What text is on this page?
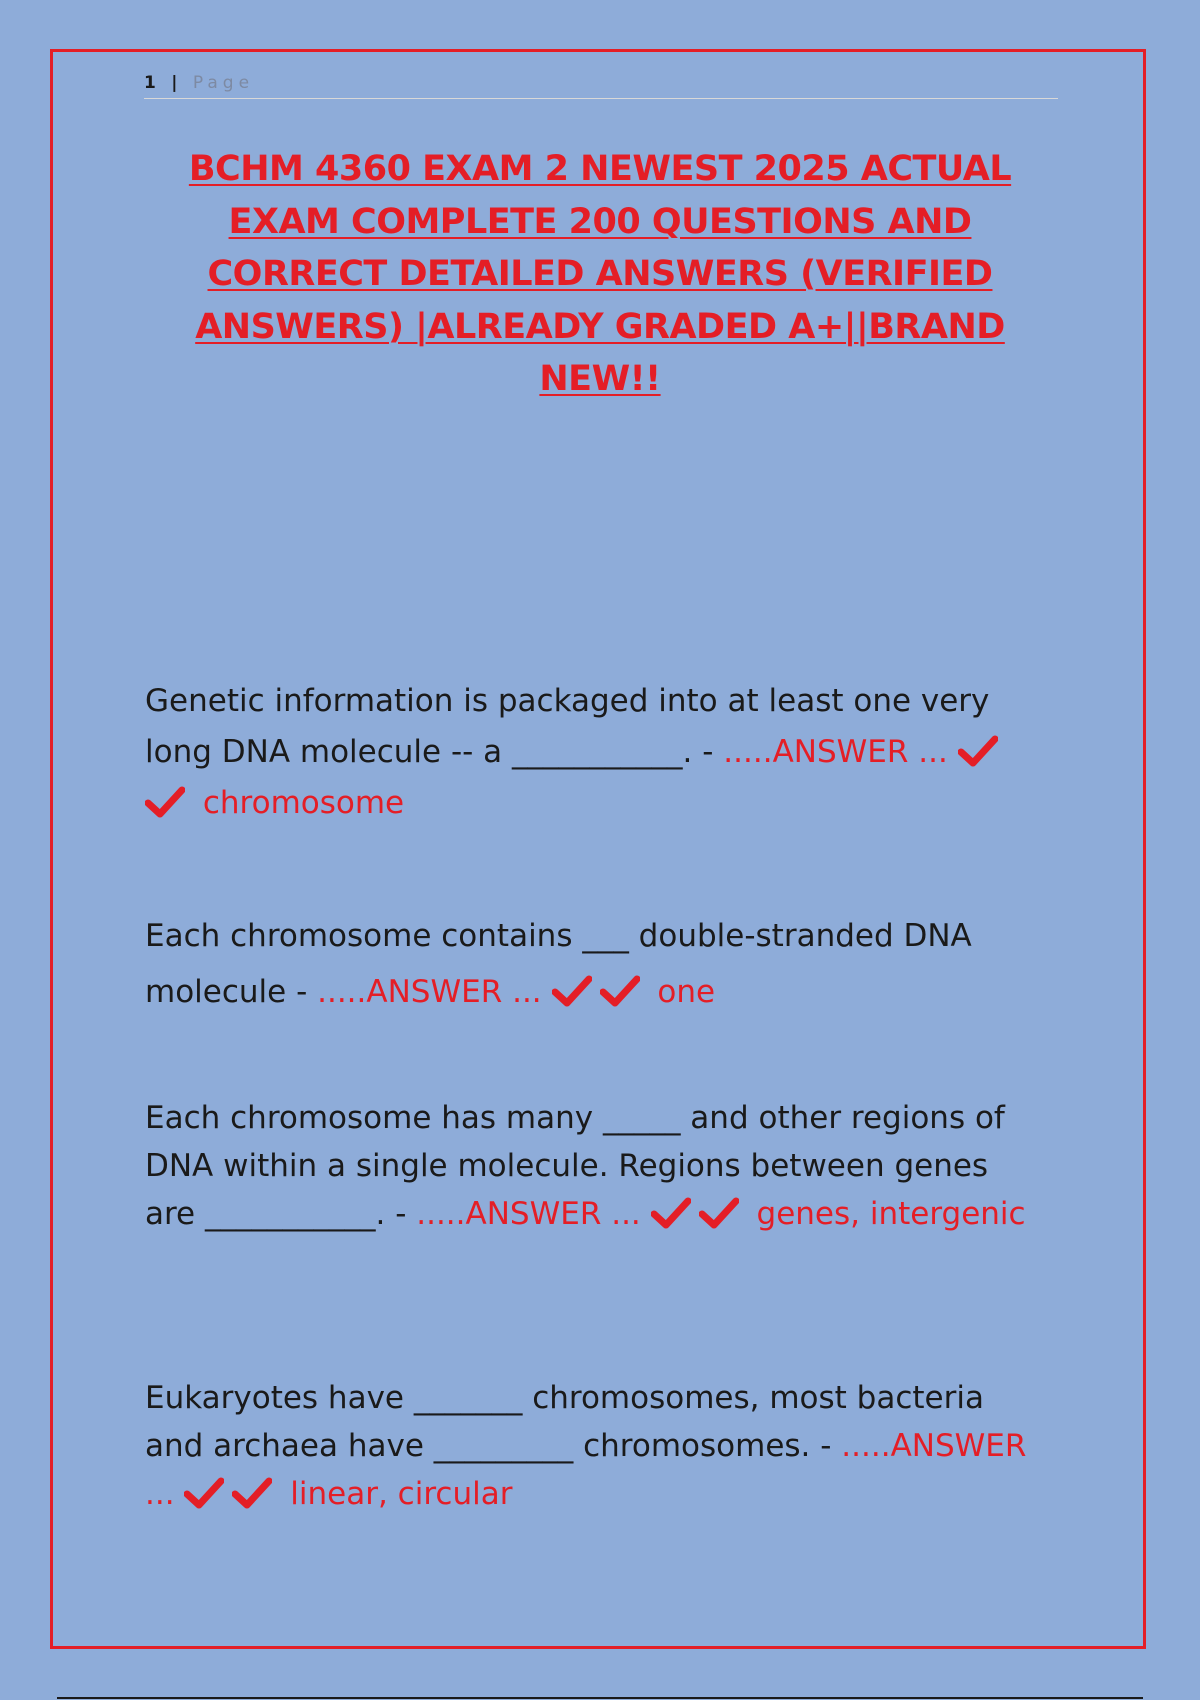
1 | Page
BCHM 4360 EXAM 2 NEWEST 2025 ACTUAL EXAM COMPLETE 200 QUESTIONS AND CORRECT DETAILED ANSWERS (VERIFIED ANSWERS) |ALREADY GRADED A+||BRAND NEW!!
Genetic information is packaged into at least one very long DNA molecule -- a ___________. - .....ANSWER ...
chromosome
Each chromosome contains ___ double-stranded DNA molecule - .....ANSWER ...	one
Each chromosome has many _____ and other regions of DNA within a single molecule. Regions between genes are ___________. - .....ANSWER ...	genes, intergenic
Eukaryotes have _______ chromosomes, most bacteria and archaea have _________ chromosomes. - .....ANSWER ...	linear, circular
